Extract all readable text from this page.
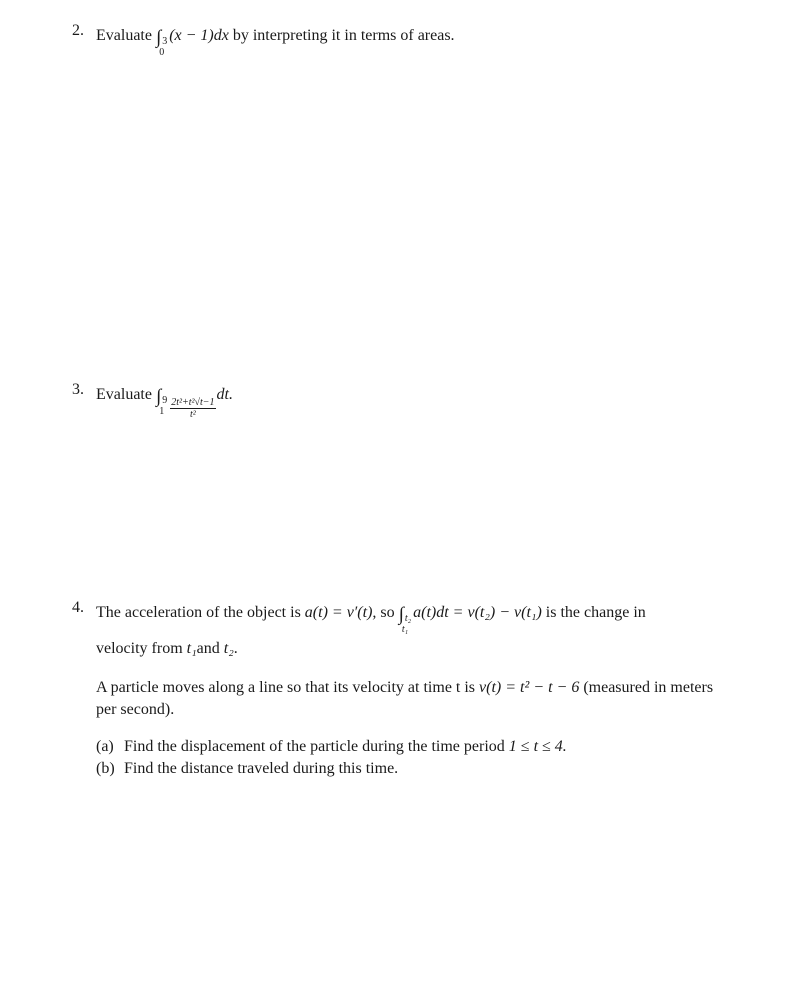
2. Evaluate ∫ 3
0
(x − 1)dx by interpreting it in terms of areas.
3. Evaluate ∫ 9
$1 \frac{\text{2t²+t²√t−1}}{\text{t²}}$
dt.
4. The acceleration of the object is a(t) = v′(t), so ∫ t₂
t₁
a(t)dt = v(t₂) − v(t₁) is the change in
velocity from t₁and t₂.
A particle moves along a line so that its velocity at time t is v(t) = t² − t − 6 (measured in meters
per second).
(a) Find the displacement of the particle during the time period 1 ≤ t ≤ 4.
(b) Find the distance traveled during this time.
